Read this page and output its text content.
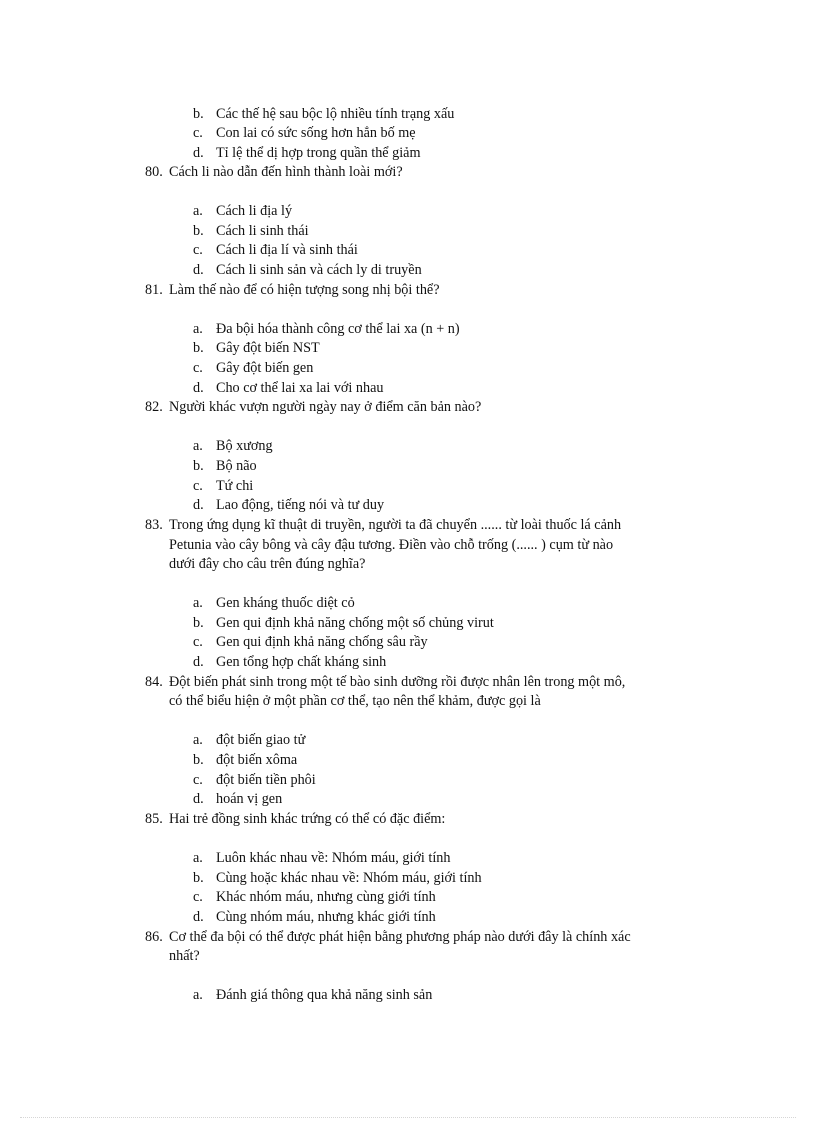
b. Các thế hệ sau bộc lộ nhiều tính trạng xấu
c. Con lai có sức sống hơn hẳn bố mẹ
d. Tỉ lệ thể dị hợp trong quần thể giảm
80. Cách li nào dẫn đến hình thành loài mới?
a. Cách li địa lý
b. Cách li sinh thái
c. Cách li địa lí và sinh thái
d. Cách li sinh sản và cách ly di truyền
81. Làm thế nào để có hiện tượng song nhị bội thể?
a. Đa bội hóa thành công cơ thể lai xa (n + n)
b. Gây đột biến NST
c. Gây đột biến gen
d. Cho cơ thể lai xa lai với nhau
82. Người khác vượn người ngày nay ở điểm căn bản nào?
a. Bộ xương
b. Bộ não
c. Tứ chi
d. Lao động, tiếng nói và tư duy
83. Trong ứng dụng kĩ thuật di truyền, người ta đã chuyển ...... từ loài thuốc lá cảnh
Petunia vào cây bông và cây đậu tương. Điền vào chỗ trống (...... ) cụm từ nào
dưới đây cho câu trên đúng nghĩa?
a. Gen kháng thuốc diệt cỏ
b. Gen qui định khả năng chống một số chủng virut
c. Gen qui định khả năng chống sâu rầy
d. Gen tổng hợp chất kháng sinh
84. Đột biến phát sinh trong một tế bào sinh dưỡng rồi được nhân lên trong một mô,
có thể biểu hiện ở một phần cơ thể, tạo nên thể khảm, được gọi là
a. đột biến giao tử
b. đột biến xôma
c. đột biến tiền phôi
d. hoán vị gen
85. Hai trẻ đồng sinh khác trứng có thể có đặc điểm:
a. Luôn khác nhau về: Nhóm máu, giới tính
b. Cùng hoặc khác nhau về: Nhóm máu, giới tính
c. Khác nhóm máu, nhưng cùng giới tính
d. Cùng nhóm máu, nhưng khác giới tính
86. Cơ thể đa bội có thể được phát hiện bằng phương pháp nào dưới đây là chính xác
nhất?
a. Đánh giá thông qua khả năng sinh sản
